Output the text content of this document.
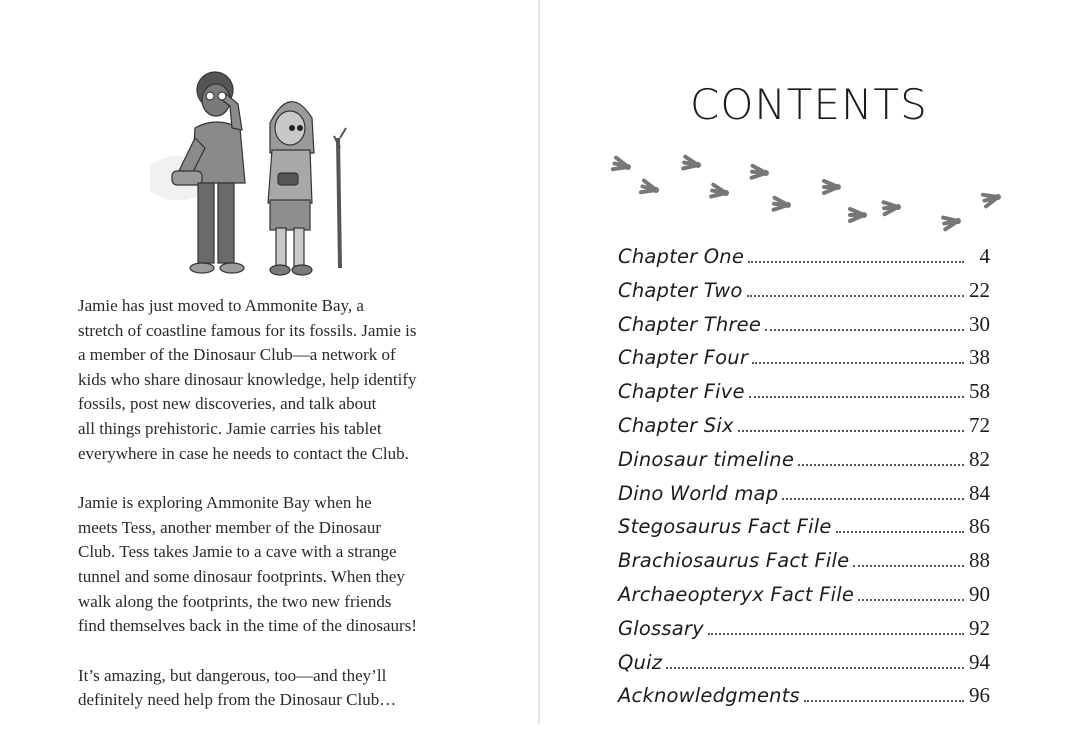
Jamie has just moved to Ammonite Bay, a
stretch of coastline famous for its fossils. Jamie is
a member of the Dinosaur Club—a network of
kids who share dinosaur knowledge, help identify
fossils, post new discoveries, and talk about
all things prehistoric. Jamie carries his tablet
everywhere in case he needs to contact the Club.

Jamie is exploring Ammonite Bay when he
meets Tess, another member of the Dinosaur
Club. Tess takes Jamie to a cave with a strange
tunnel and some dinosaur footprints. When they
walk along the footprints, the two new friends
find themselves back in the time of the dinosaurs!

It’s amazing, but dangerous, too—and they’ll
definitely need help from the Dinosaur Club…

CONTENTS
Chapter One	4
Chapter Two	22
Chapter Three	30
Chapter Four	38
Chapter Five	58
Chapter Six	72
Dinosaur timeline	82
Dino World map	84
Stegosaurus Fact File	86
Brachiosaurus Fact File	88
Archaeopteryx Fact File	90
Glossary	92
Quiz	94
Acknowledgments	96
